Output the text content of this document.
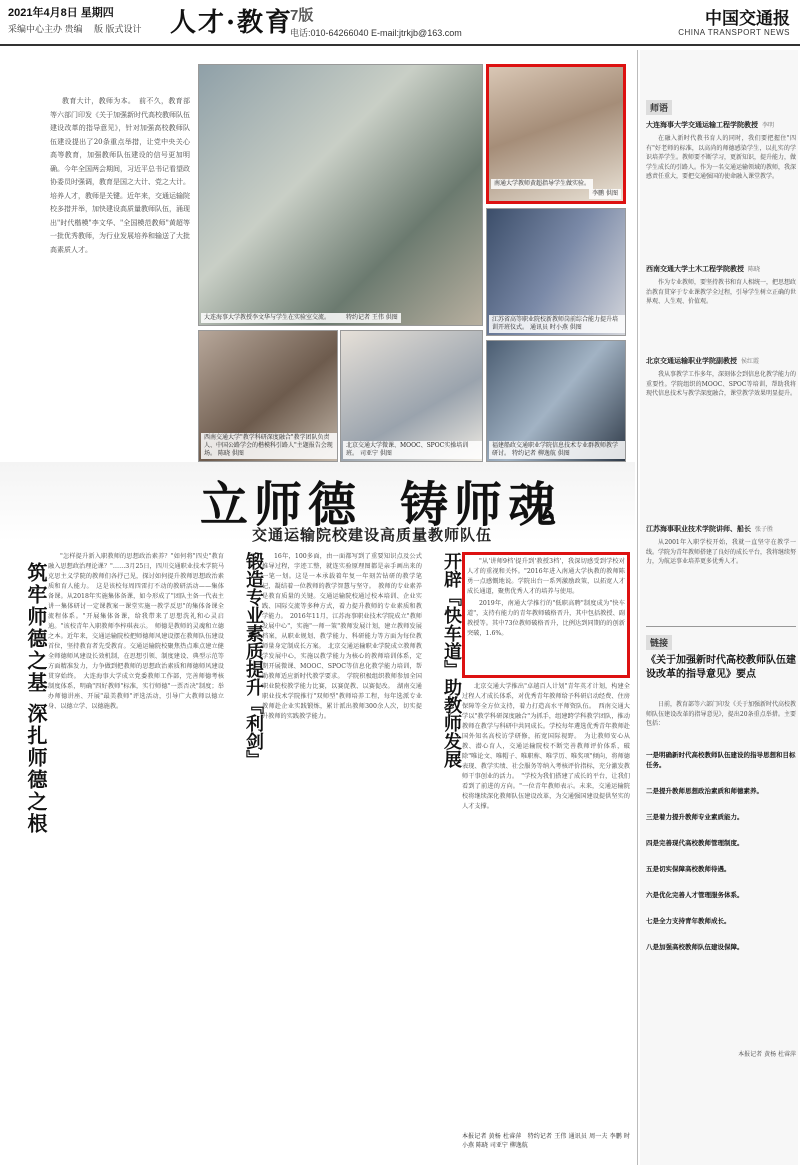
2021年4月8日 星期四
采编中心主办 贵编 　版 版式设计 人才·教育
7版
电话:010-64266040 E-mail:jtrkjb@163.com
中国交通报
CHINA TRANSPORT NEWS

教育大计，教师为本。　前不久，教育部等六部门印发《关于加强新时代高校教师队伍建设改革的指导意见》，针对加强高校教师队伍建设提出了20条重点举措，让党中央关心高等教育，加强教师队伍建设的信号更加明确。今年全国两会期间，习近平总书记看望政协委员时强调，教育是国之大计、党之大计。培养人才，教师是关键。近年来，交通运输院校多措并举，加快建设高质量教师队伍，涌现出"时代楷模"李文华、"全国模范教师"黄超等一批优秀教师，为行业发展培养和输送了大批高素质人才。

大连海事大学教授李文华与学生在实验室交流。	特约记者 王伟 供图
南通大学教师黄超指导学生做实验。
李鹏 供图
江苏省高等职业院校新教师岗前综合能力提升培训开班仪式。 通讯员 时小燕 供图
西南交通大学"教学科研深度融合"教学团队负责人、中国公路学会的楷模科引路人"主题报告会现场。 陈晓 供图
北京交通大学微课、MOOC、SPOC实操培训班。 司亚宁 供图
福建船政交通职业学院信息技术专业群教师教学研讨。 特约记者 柳逸航 供图
立师德 铸师魂
交通运输院校建设高质量教师队伍
筑牢师德之基 深扎师德之根

"怎样提升新入职教师的思想政治素养？"如何将"四史"教育融入思想政治理论课？"……3月25日，四川交通职业技术学院马克思主义学院的教师们各抒己见，探讨如何提升教师思想政治素质和育人能力。　这是该校每周四雷打不动的教研活动——集体备课。从2018年实施集体备课，如今形成了"团队主备一代表主讲一集体研讨一定课教案一课堂实施一教学反思"的集体备课全流程体系。"开展集体备课，给我带来了思想洗礼和心灵启迪。"该校青年入职教师李梓琪表示。　师德是教师的灵魂和立德之本。近年来，交通运输院校把师德师风建设摆在教师队伍建设首位，坚持教育者先受教育。交通运输院校聚焦热点难点建立健全师德师风建设长效机制，在思想引领、制度建设、典型示范等方面精准发力，力争做到把教师的思想政治素质和师德师风建设贯穿始终。　大连海事大学成立党委教师工作部，完善师德考核制度体系，明确"四好教师"标准，实行师德"一票否决"制度；举办师德讲座、开展"最美教师"评选活动，引导广大教师以德立身、以德立学、以德施教。	锻造专业素质提升『利剑』	16年，100多面，由一面都写到了重要知识点及公式推导过程，字迹工整，就连实验原理图都是亲手画出来的一笔一划。这是一本承载着年复一年刻苦钻研的教学笔记，凝结着一位教师的教学智慧与坚守。　教师的专业素养是教育质量的关键。交通运输院校通过校本培训、企业实践、国际交流等多种方式，着力提升教师的专业素质和教学能力。　2016年11月，江苏海事职业技术学院成立"教师发展中心"，实施"一师一策"教师发展计划，建立教师发展档案，从职业规划、教学能力、科研能力等方面为每位教师量身定制成长方案。　北京交通运输职业学院成立教师教学发展中心，实施以教学能力为核心的教师培训体系，定期开展微课、MOOC、SPOC等信息化教学能力培训，帮助教师适应新时代教学要求。　学院积极组织教师参加全国职业院校教学能力比赛，以赛促教、以赛促改。　湖南交通职业技术学院推行"双师型"教师培养工程，每年选派专业教师赴企业实践锻炼，累计派出教师300余人次，切实提升教师的实践教学能力。	开辟『快车道』助教师发展	"从'讲师9档'提升到'教授3档'，我深切感受到学校对人才的重视和关怀。"2016年进入南通大学执教的教师陈勇一点感慨地说。学院出台一系列激励政策，以拓宽人才成长通道，聚焦优秀人才的培养与使用。

2019年，南通大学推行的"低职高聘"制度成为"快车道"，支持有能力的青年教师破格晋升，其中包括教授、副教授等。其中73位教师破格晋升，比例达到同期的的创新突破，1.6%。

北京交通大学推出"卓越百人计划"青年英才计划，构建全过程人才成长体系，对优秀青年教师给予科研启动经费、住房保障等全方位支持，着力打造高水平师资队伍。　西南交通大学以"教学科研深度融合"为抓手，组建跨学科教学团队，推动教师在教学与科研中共同成长。学校每年遴选优秀青年教师赴国外知名高校访学研修，拓宽国际视野。　为让教师安心从教、潜心育人，交通运输院校不断完善教师评价体系，破除"唯论文、唯帽子、唯职称、唯学历、唯奖项"倾向，将师德表现、教学实绩、社会服务等纳入考核评价指标，充分激发教师干事创业的活力。　"学校为我们搭建了成长的平台，让我们看到了前进的方向。"一位青年教师表示。未来，交通运输院校将继续深化教师队伍建设改革，为交通强国建设提供坚实的人才支撑。

本报记者 黄杨 杜睿萍　特约记者 王伟 通讯员 周一夫 李鹏 时小燕 陈晓 司亚宁 柳逸航
师语
大连海事大学交通运输工程学院教授 李明

在融入新时代教书育人的同时，我们要把握住"四有"好老师的标准，以高尚的师德感染学生，以扎实的学识培养学生。教师要不断学习，更新知识，提升能力，做学生成长的引路人。作为一名交通运输领域的教师，我深感责任重大，要把交通强国的使命融入课堂教学。

西南交通大学土木工程学院教授 陈晓

作为专业教师，要坚持教书和育人相统一，把思想政治教育贯穿于专业课教学全过程，引导学生树立正确的世界观、人生观、价值观。

北京交通运输职业学院副教授 侯红霞

我从事教学工作多年，深刻体会到信息化教学能力的重要性。学院组织的MOOC、SPOC等培训，帮助我将现代信息技术与教学深度融合，课堂教学效果明显提升。

江苏海事职业技术学院讲师、船长 张子胜

从2001年入职学校开始，我就一直坚守在教学一线。学院为青年教师搭建了良好的成长平台，我将继续努力，为航运事业培养更多优秀人才。

链接
《关于加强新时代高校教师队伍建设改革的指导意见》要点

日前，教育部等六部门印发《关于加强新时代高校教师队伍建设改革的指导意见》，提出20条重点举措。主要包括：

一是明确新时代高校教师队伍建设的指导思想和目标任务。
二是提升教师思想政治素质和师德素养。
三是着力提升教师专业素质能力。
四是完善现代高校教师管理制度。
五是切实保障高校教师待遇。
六是优化完善人才管理服务体系。
七是全力支持青年教师成长。
八是加强高校教师队伍建设保障。
本报记者 黄杨 杜睿萍
